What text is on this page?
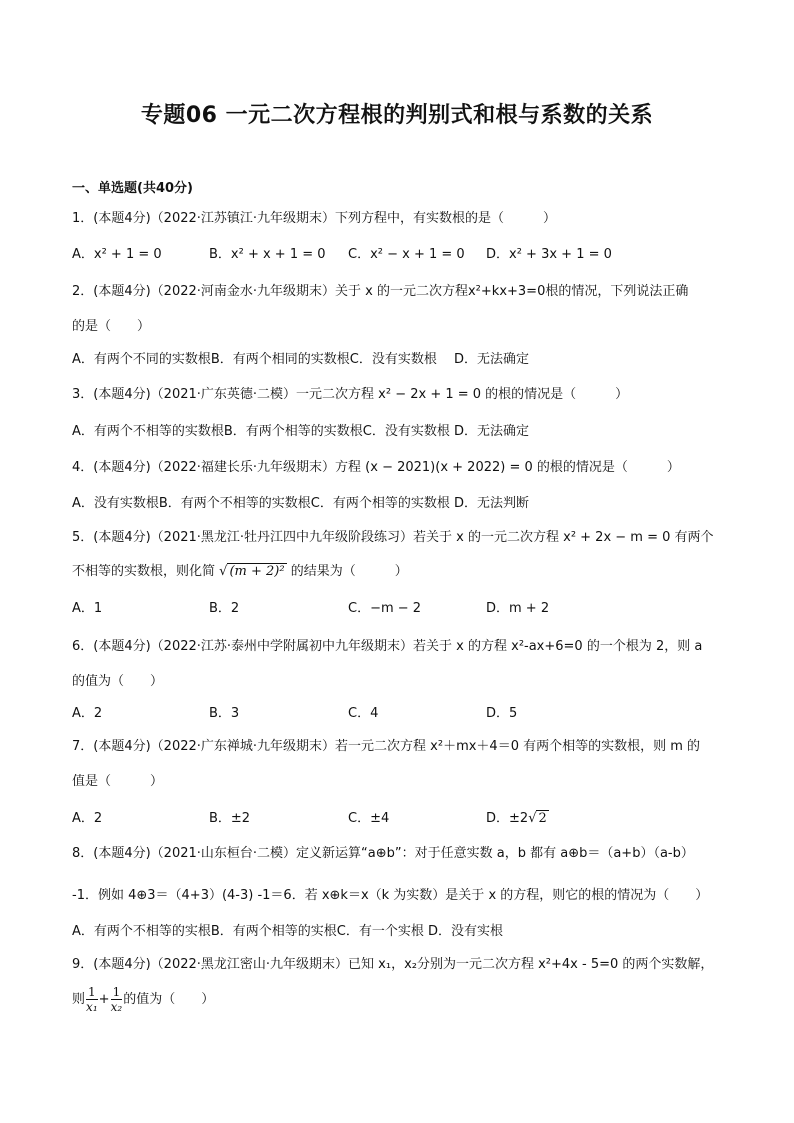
专题06 一元二次方程根的判别式和根与系数的关系
一、单选题(共40分)
1．(本题4分)（2022·江苏镇江·九年级期末）下列方程中，有实数根的是（　　　）
A．x² + 1 = 0	B．x² + x + 1 = 0 C．x² − x + 1 = 0 D．x² + 3x + 1 = 0
2．(本题4分)（2022·河南金水·九年级期末）关于 x 的一元二次方程x²+kx+3=0根的情况，下列说法正确
的是（　　）
A．有两个不同的实数根B．有两个相同的实数根C．没有实数根　 D．无法确定
3．(本题4分)（2021·广东英德·二模）一元二次方程 x² − 2x + 1 = 0 的根的情况是（　　　）
A．有两个不相等的实数根B．有两个相等的实数根C．没有实数根 D．无法确定
4．(本题4分)（2022·福建长乐·九年级期末）方程 (x − 2021)(x + 2022) = 0 的根的情况是（　　　）
A．没有实数根B．有两个不相等的实数根C．有两个相等的实数根 D．无法判断
5．(本题4分)（2021·黑龙江·牡丹江四中九年级阶段练习）若关于 x 的一元二次方程 x² + 2x − m = 0 有两个
不相等的实数根，则化简 √ (m + 2)² 的结果为（　　　）
A．1	B．2	C．−m − 2	D．m + 2
6．(本题4分)（2022·江苏·泰州中学附属初中九年级期末）若关于 x 的方程 x²-ax+6=0 的一个根为 2，则 a
的值为（　　）
A．2	B．3	C．4	D．5
7．(本题4分)（2022·广东禅城·九年级期末）若一元二次方程 x²＋mx＋4＝0 有两个相等的实数根，则 m 的
值是（　　　）
A．2	B．±2	C．±4	D．±2√ 2
8．(本题4分)（2021·山东桓台·二模）定义新运算“a⊕b”：对于任意实数 a，b 都有 a⊕b＝（a+b）（a-b）
-1．例如 4⊕3＝（4+3）(4-3) -1＝6．若 x⊕k＝x（k 为实数）是关于 x 的方程，则它的根的情况为（　　）
A．有两个不相等的实根B．有两个相等的实根C．有一个实根 D．没有实根
9．(本题4分)（2022·黑龙江密山·九年级期末）已知 x₁，x₂分别为一元二次方程 x²+4x - 5=0 的两个实数解，
则 $\frac{1}{\text{x₁}} + \frac{1}{\text{x₂}}$ 的值为（　　）
